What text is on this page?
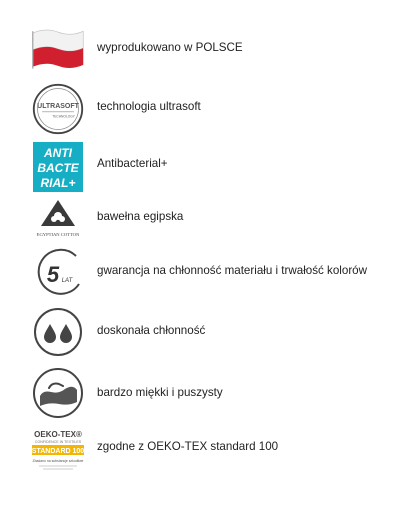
wyprodukowano w POLSCE
ULTRASOFT
TECHNOLOGY
technologia ultrasoft
ANTI
BACTE
RIAL+
Antibacterial+
EGYPTIAN COTTON
bawełna egipska
5 LAT
gwarancja na chłonność materiału i trwałość kolorów
doskonała chłonność
bardzo miękki i puszysty
OEKO-TEX®
CONFIDENCE IN TEXTILES
STANDARD 100
Zbadano na substancje szkodliwe
zgodne z OEKO-TEX standard 100
